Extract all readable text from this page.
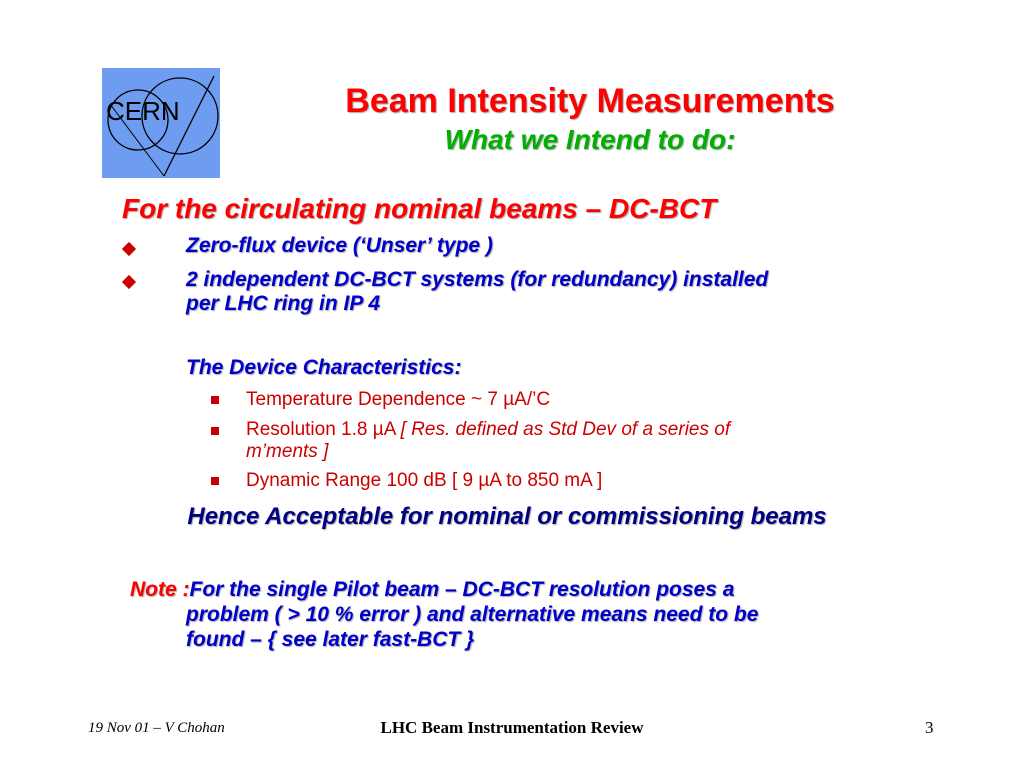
CERN	Beam Intensity Measurements
What we Intend to do:
For the circulating nominal beams – DC-BCT
Zero-flux device (‘Unser’ type )
2 independent DC-BCT systems (for redundancy) installed
per LHC ring in IP 4
The Device Characteristics:
Temperature Dependence ~ 7 µA/’C
Resolution 1.8 µA [ Res. defined as Std Dev of a series of
m’ments ]
Dynamic Range 100 dB [ 9 µA to 850 mA ]
Hence Acceptable for nominal or commissioning beams
Note :For the single Pilot beam – DC-BCT resolution poses a
problem ( > 10 % error ) and alternative means need to be
found – { see later fast-BCT }
19 Nov 01 – V Chohan	LHC Beam Instrumentation Review	3
